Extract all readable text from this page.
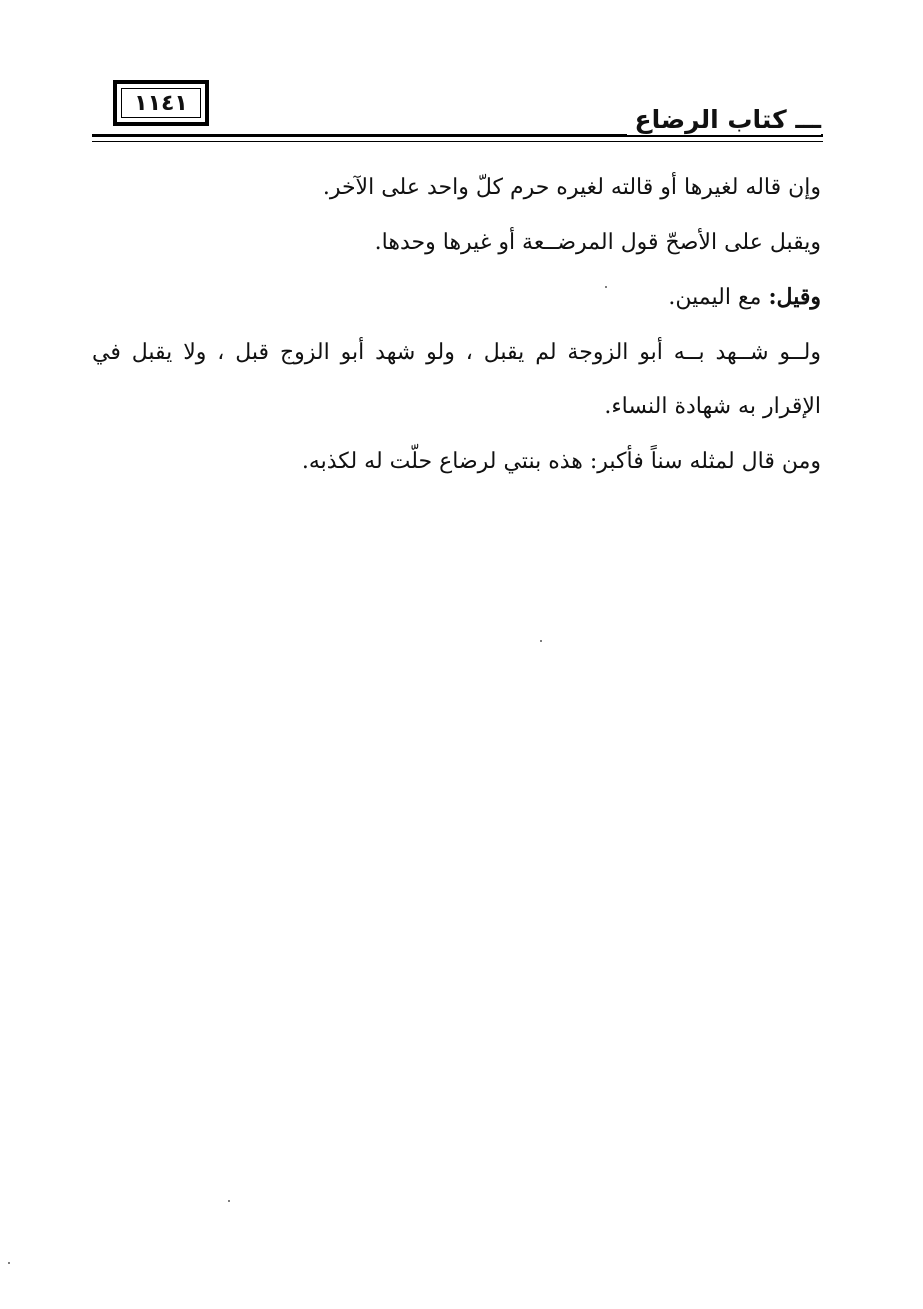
١١٤١
ـــ كتاب الرضاع

وإن قاله لغيرها أو قالته لغيره حرم كلّ واحد على الآخر.

ويقبل على الأصحّ قول المرضــعة أو غيرها وحدها.

وقيل: مع اليمين.

ولــو شــهد بــه أبو الزوجة لم يقبل ، ولو شهد أبو الزوج قبل ، ولا يقبل في الإقرار به شهادة النساء.

ومن قال لمثله سناً فأكبر: هذه بنتي لرضاع حلّت له لكذبه.
